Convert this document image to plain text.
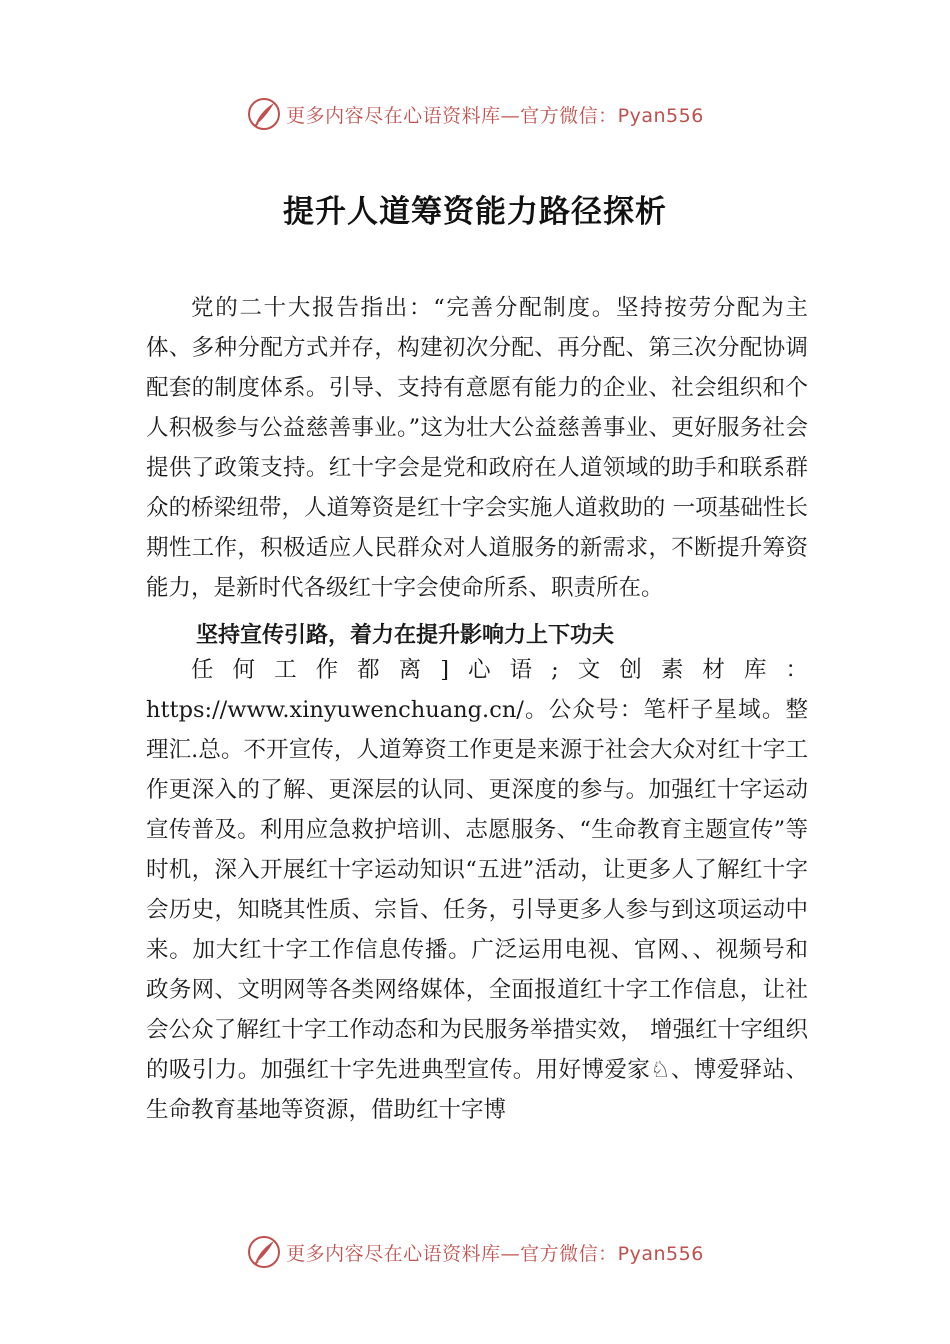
更多内容尽在心语资料库—官方微信：Pyan556
提升人道筹资能力路径探析

党的二十大报告指出：“完善分配制度。坚持按劳分配为主体、多种分配方式并存，构建初次分配、再分配、第三次分配协调配套的制度体系。引导、支持有意愿有能力的企业、社会组织和个人积极参与公益慈善事业。”这为壮大公益慈善事业、更好服务社会提供了政策支持。红十字会是党和政府在人道领域的助手和联系群众的桥梁纽带，人道筹资是红十字会实施人道救助的 一项基础性长期性工作，积极适应人民群众对人道服务的新需求，不断提升筹资能力，是新时代各级红十字会使命所系、职责所在。

坚持宣传引路，着力在提升影响力上下功夫

任何工作都离]心语;文创素材库：https://www.xinyuwenchuang.cn/。公众号：笔杆子星域。整理汇.总。不开宣传，人道筹资工作更是来源于社会大众对红十字工作更深入的了解、更深层的认同、更深度的参与。加强红十字运动宣传普及。利用应急救护培训、志愿服务、“生命教育主题宣传”等时机，深入开展红十字运动知识“五进”活动，让更多人了解红十字会历史，知晓其性质、宗旨、任务，引导更多人参与到这项运动中来。加大红十字工作信息传播。广泛运用电视、官网、、视频号和政务网、文明网等各类网络媒体，全面报道红十字工作信息，让社会公众了解红十字工作动态和为民服务举措实效， 增强红十字组织的吸引力。加强红十字先进典型宣传。用好博爱家♘、博爱驿站、生命教育基地等资源，借助红十字博

更多内容尽在心语资料库—官方微信：Pyan556
